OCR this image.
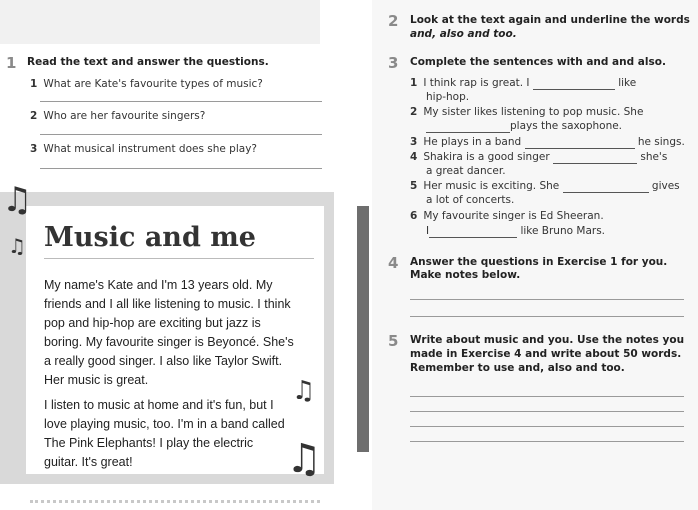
1 Read the text and answer the questions.
1 What are Kate's favourite types of music?
2 Who are her favourite singers?
3 What musical instrument does she play?
♫
♫ Music and me
My name's Kate and I'm 13 years old. My friends and I all like listening to music. I think pop and hip-hop are exciting but jazz is boring. My favourite singer is Beyoncé. She's a really good singer. I also like Taylor Swift. Her music is great.
I listen to music at home and it's fun, but I love playing music, too. I'm in a band called The Pink Elephants! I play the electric guitar. It's great!
♫
♫
2 Look at the text again and underline the words
and, also and too.
3 Complete the sentences with and and also.
1 I think rap is great. I	like
hip-hop.
2 My sister likes listening to pop music. She
plays the saxophone.
3 He plays in a band	he sings.
4 Shakira is a good singer	she's
a great dancer.
5 Her music is exciting. She	gives
a lot of concerts.
6 My favourite singer is Ed Sheeran.
I	like Bruno Mars.
4 Answer the questions in Exercise 1 for you.
Make notes below.
5 Write about music and you. Use the notes you
made in Exercise 4 and write about 50 words.
Remember to use and, also and too.
